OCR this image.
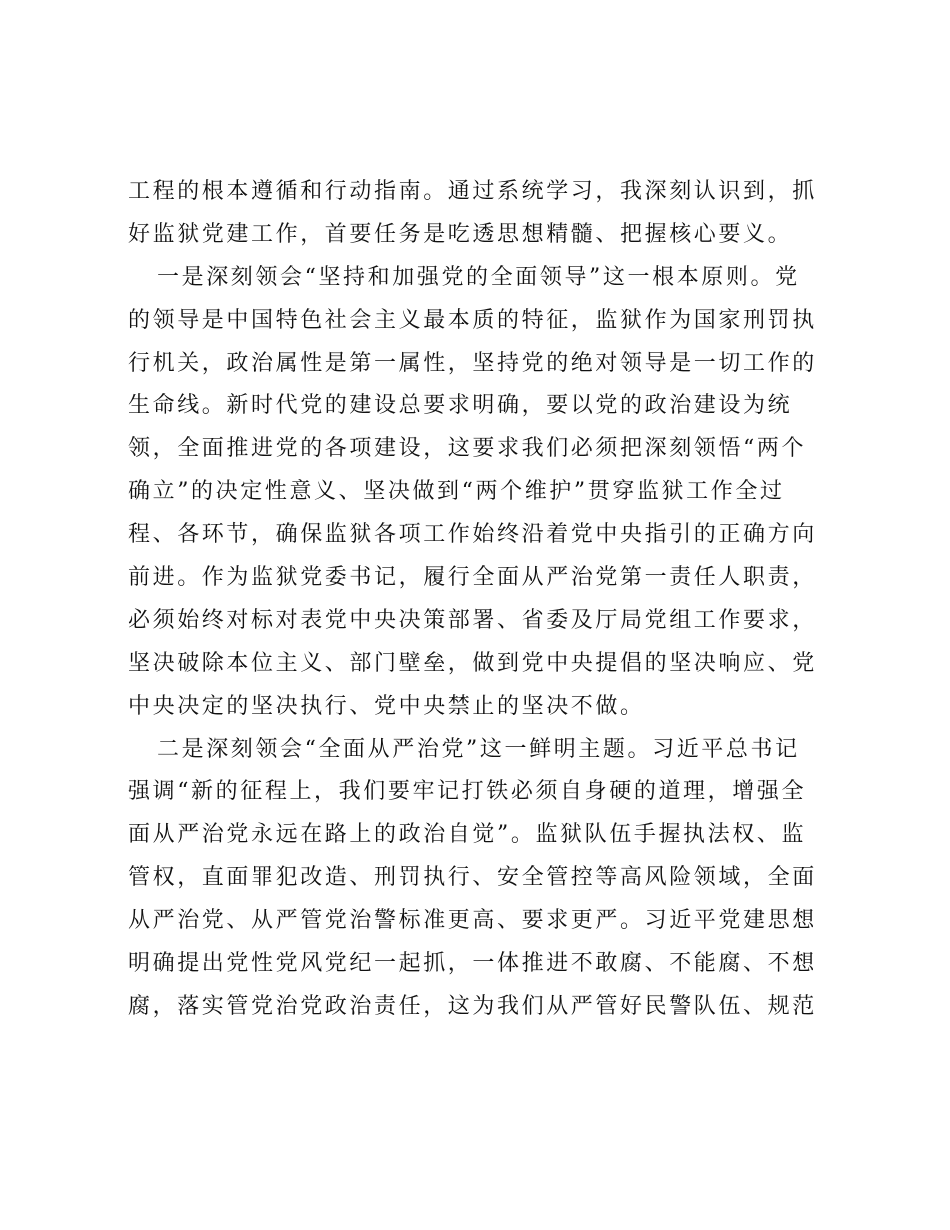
工程的根本遵循和行动指南。通过系统学习，我深刻认识到，抓
好监狱党建工作，首要任务是吃透思想精髓、把握核心要义。
一是深刻领会“坚持和加强党的全面领导”这一根本原则。党
的领导是中国特色社会主义最本质的特征，监狱作为国家刑罚执
行机关，政治属性是第一属性，坚持党的绝对领导是一切工作的
生命线。新时代党的建设总要求明确，要以党的政治建设为统
领，全面推进党的各项建设，这要求我们必须把深刻领悟“两个
确立”的决定性意义、坚决做到“两个维护”贯穿监狱工作全过
程、各环节，确保监狱各项工作始终沿着党中央指引的正确方向
前进。作为监狱党委书记，履行全面从严治党第一责任人职责，
必须始终对标对表党中央决策部署、省委及厅局党组工作要求，
坚决破除本位主义、部门壁垒，做到党中央提倡的坚决响应、党
中央决定的坚决执行、党中央禁止的坚决不做。
二是深刻领会“全面从严治党”这一鲜明主题。习近平总书记
强调“新的征程上，我们要牢记打铁必须自身硬的道理，增强全
面从严治党永远在路上的政治自觉”。监狱队伍手握执法权、监
管权，直面罪犯改造、刑罚执行、安全管控等高风险领域，全面
从严治党、从严管党治警标准更高、要求更严。习近平党建思想
明确提出党性党风党纪一起抓，一体推进不敢腐、不能腐、不想
腐，落实管党治党政治责任，这为我们从严管好民警队伍、规范
